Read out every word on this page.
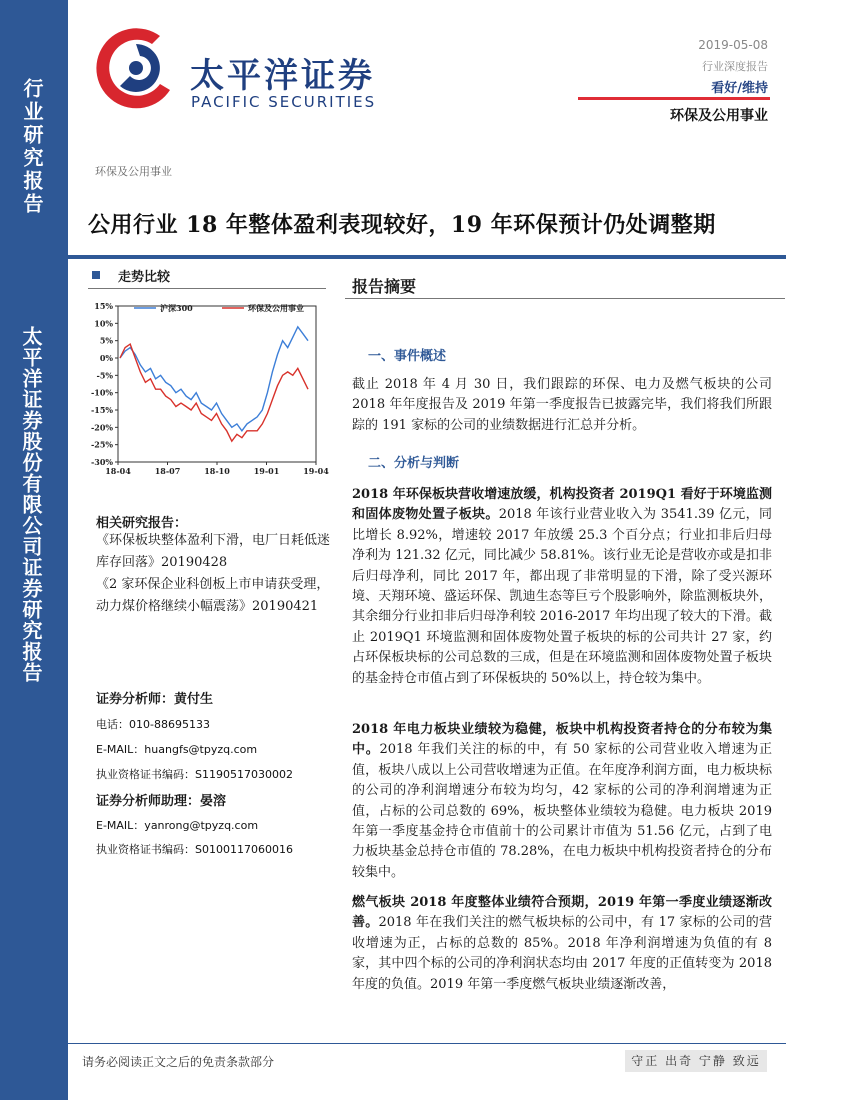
行业研究报告
太平洋证券股份有限公司证券研究报告
太平洋证券
PACIFIC SECURITIES
2019-05-08
行业深度报告
看好/维持
环保及公用事业
环保及公用事业
公用行业 18 年整体盈利表现较好，19 年环保预计仍处调整期
走势比较
15%
10%
5%
0%
-5%
-10%
-15%
-20%
-25%
-30%
18-04	18-07	18-10	19-01	19-04
沪深300	环保及公用事业
相关研究报告：
《环保板块整体盈利下滑，电厂日耗低迷库存回落》20190428
《2 家环保企业科创板上市申请获受理，动力煤价格继续小幅震荡》20190421
证券分析师：黄付生
电话：010-88695133
E-MAIL：huangfs@tpyzq.com
执业资格证书编码：S1190517030002
证券分析师助理：晏溶
E-MAIL：yanrong@tpyzq.com
执业资格证书编码：S0100117060016
报告摘要
一、事件概述
截止 2018 年 4 月 30 日，我们跟踪的环保、电力及燃气板块的公司 2018 年年度报告及 2019 年第一季度报告已披露完毕，我们将我们所跟踪的 191 家标的公司的业绩数据进行汇总并分析。
二、分析与判断
2018 年环保板块营收增速放缓，机构投资者 2019Q1 看好于环境监测和固体废物处置子板块。2018 年该行业营业收入为 3541.39 亿元，同比增长 8.92%，增速较 2017 年放缓 25.3 个百分点；行业扣非后归母净利为 121.32 亿元，同比减少 58.81%。该行业无论是营收亦或是扣非后归母净利，同比 2017 年，都出现了非常明显的下滑，除了受兴源环境、天翔环境、盛运环保、凯迪生态等巨亏个股影响外，除监测板块外，其余细分行业扣非后归母净利较 2016-2017 年均出现了较大的下滑。截止 2019Q1 环境监测和固体废物处置子板块的标的公司共计 27 家，约占环保板块标的公司总数的三成，但是在环境监测和固体废物处置子板块的基金持仓市值占到了环保板块的 50%以上，持仓较为集中。
2018 年电力板块业绩较为稳健，板块中机构投资者持仓的分布较为集中。2018 年我们关注的标的中，有 50 家标的公司营业收入增速为正值，板块八成以上公司营收增速为正值。在年度净利润方面，电力板块标的公司的净利润增速分布较为均匀，42 家标的公司的净利润增速为正值，占标的公司总数的 69%，板块整体业绩较为稳健。电力板块 2019 年第一季度基金持仓市值前十的公司累计市值为 51.56 亿元，占到了电力板块基金总持仓市值的 78.28%，在电力板块中机构投资者持仓的分布较集中。
燃气板块 2018 年度整体业绩符合预期，2019 年第一季度业绩逐渐改善。2018 年在我们关注的燃气板块标的公司中，有 17 家标的公司的营收增速为正，占标的总数的 85%。2018 年净利润增速为负值的有 8 家，其中四个标的公司的净利润状态均由 2017 年度的正值转变为 2018 年度的负值。2019 年第一季度燃气板块业绩逐渐改善，
请务必阅读正文之后的免责条款部分	守正 出奇 宁静 致远
